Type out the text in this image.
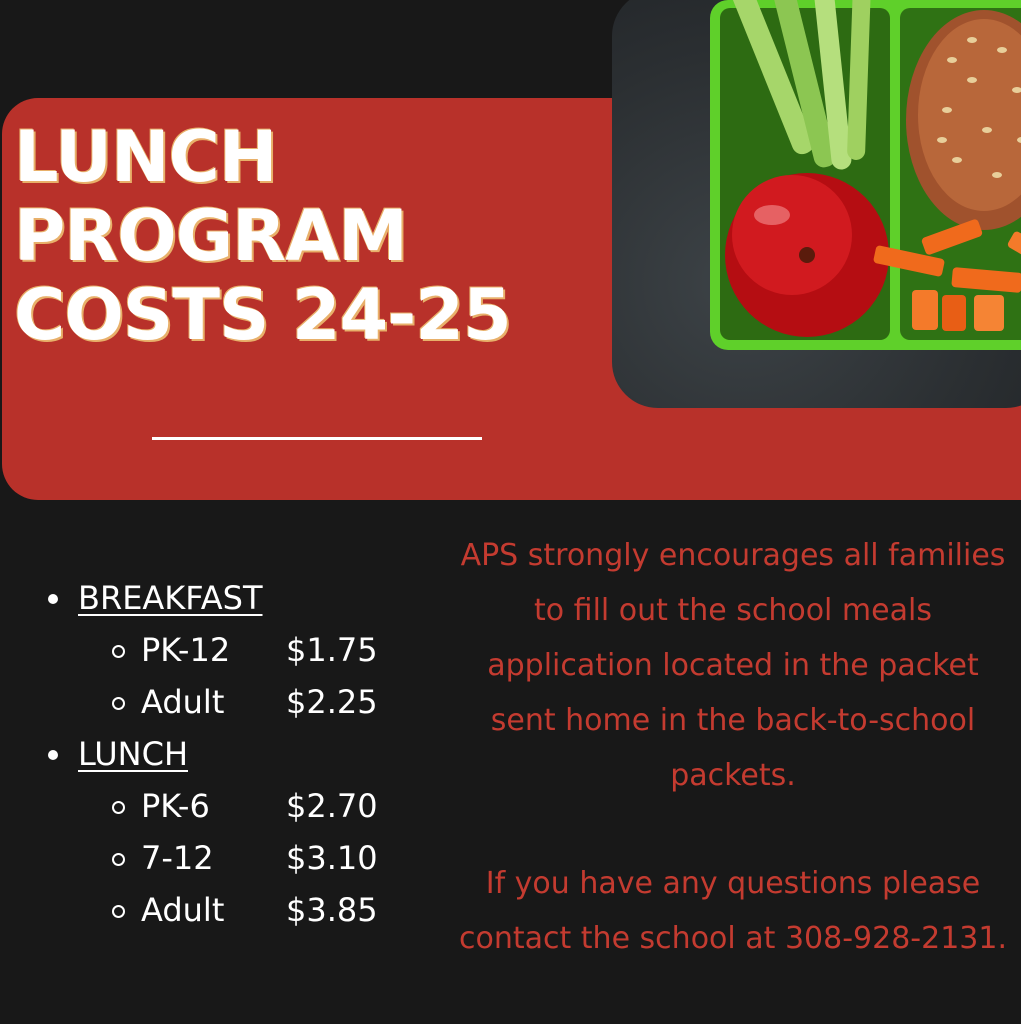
LUNCH
PROGRAM
COSTS 24-25
BREAKFAST
PK-12 $1.75
Adult $2.25
LUNCH
PK-6 $2.70
7-12 $3.10
Adult $3.85

APS strongly encourages all families to fill out the school meals application located in the packet sent home in the back-to-school packets.

If you have any questions please contact the school at 308-928-2131.
